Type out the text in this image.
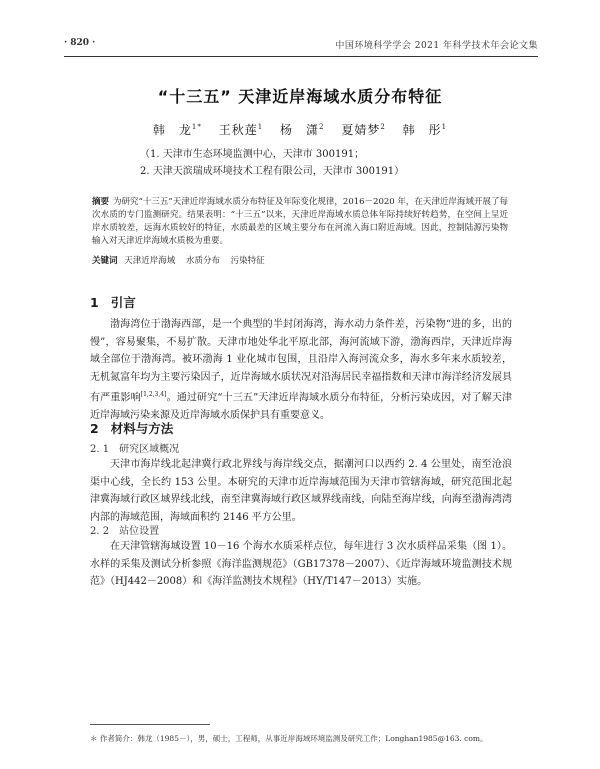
· 820 ·	中国环境科学学会 2021 年科学技术年会论文集
“十三五” 天津近岸海域水质分布特征
韩　龙$^{1*}$ 王秋莲$^1$ 杨　潇$^2$ 夏婧梦$^2$ 韩　彤$^1$
（1. 天津市生态环境监测中心，天津市 300191；
2. 天津天滨瑞成环境技术工程有限公司，天津市 300191）
摘要 为研究“十三五”天津近岸海域水质分布特征及年际变化规律，2016－2020 年，在天津近岸海域开展了每次水质的专门监测研究。结果表明：“十三五”以来，天津近岸海域水质总体年际持续好转趋势，在空间上呈近岸水质较差，远海水质较好的特征，水质最差的区域主要分布在河流入海口附近海域。因此，控制陆源污染物输入对天津近岸海域水质极为重要。
关键词 天津近岸海域 水质分布 污染特征
1 引言
渤海湾位于渤海西部，是一个典型的半封闭海湾，海水动力条件差，污染物“进的多，出的慢”，容易聚集，不易扩散。天津市地处华北平原北部，海河流域下游，渤海西岸，天津近岸海域全部位于渤海湾。被环渤海 1 业化城市包围，且沿岸入海河流众多，海水多年来水质较差，无机氮富年均为主要污染因子，近岸海域水质状况对沿海居民幸福指数和天津市海洋经济发展具有严重影响[1,2,3,4]。通过研究“十三五”天津近岸海域水质分布特征，分析污染成因，对了解天津近岸海域污染来源及近岸海域水质保护具有重要意义。
2 材料与方法
2. 1 研究区域概况
天津市海岸线北起津冀行政北界线与海岸线交点，据潮河口以西约 2. 4 公里处，南至沧浪渠中心线，全长约 153 公里。本研究的天津市近岸海域范围为天津市管辖海域，研究范围北起津冀海域行政区域界线北线，南至津冀海域行政区域界线南线，向陆至海岸线，向海至渤海湾湾内部的海域范围，海域面积约 2146 平方公里。
2. 2 站位设置
在天津管辖海域设置 10－16 个海水水质采样点位，每年进行 3 次水质样品采集（图 1）。水样的采集及测试分析参照《海洋监测规范》（GB17378－2007）、《近岸海域环境监测技术规范》（HJ442－2008）和《海洋监测技术规程》（HY/T147－2013）实施。
＊ 作者简介：韩龙（1985－），男，硕士，工程师，从事近岸海域环境监测及研究工作；Longhan1985@163. com。
